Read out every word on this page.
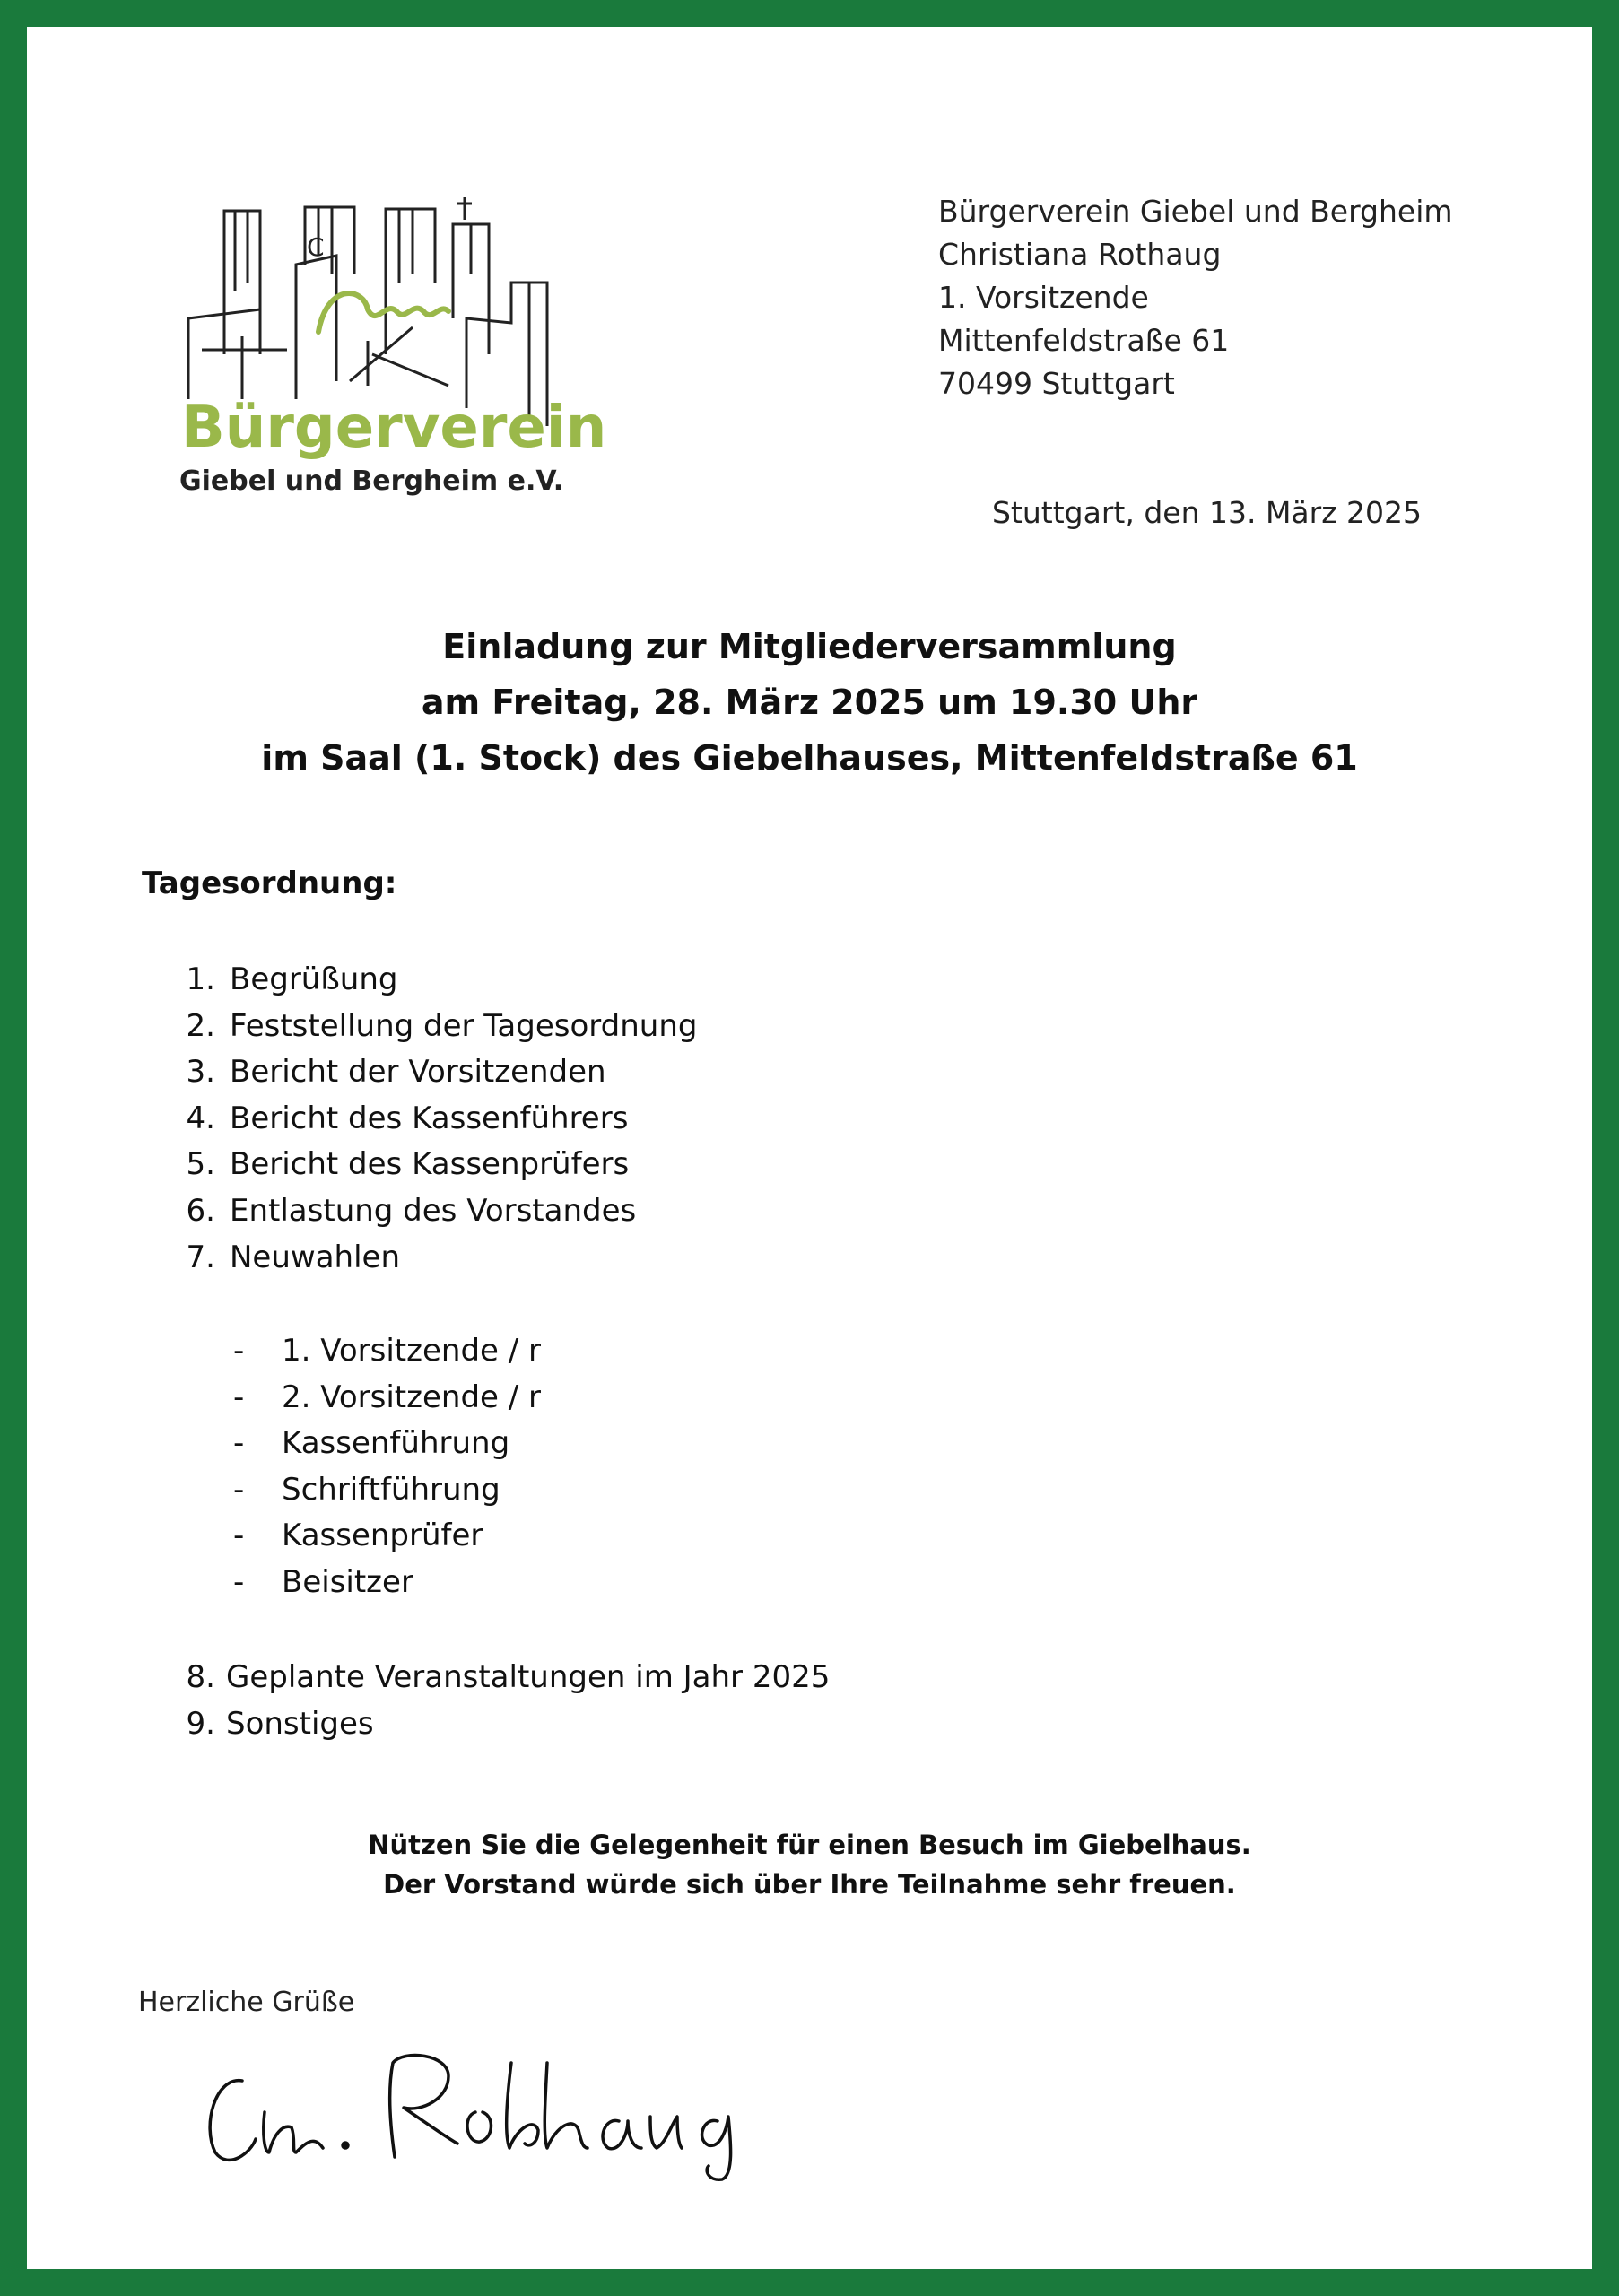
C
Bürgerverein
Giebel und Bergheim e.V.
Bürgerverein Giebel und Bergheim
Christiana Rothaug
1. Vorsitzende
Mittenfeldstraße 61
70499 Stuttgart
Stuttgart, den 13. März 2025
Einladung zur Mitgliederversammlung
am Freitag, 28. März 2025 um 19.30 Uhr
im Saal (1. Stock) des Giebelhauses, Mittenfeldstraße 61
Tagesordnung:
1. Begrüßung
2. Feststellung der Tagesordnung
3. Bericht der Vorsitzenden
4. Bericht des Kassenführers
5. Bericht des Kassenprüfers
6. Entlastung des Vorstandes
7. Neuwahlen
8. Geplante Veranstaltungen im Jahr 2025
9. Sonstiges
- 1. Vorsitzende / r
- 2. Vorsitzende / r
- Kassenführung
- Schriftführung
- Kassenprüfer
- Beisitzer
Nützen Sie die Gelegenheit für einen Besuch im Giebelhaus.
Der Vorstand würde sich über Ihre Teilnahme sehr freuen.
Herzliche Grüße
